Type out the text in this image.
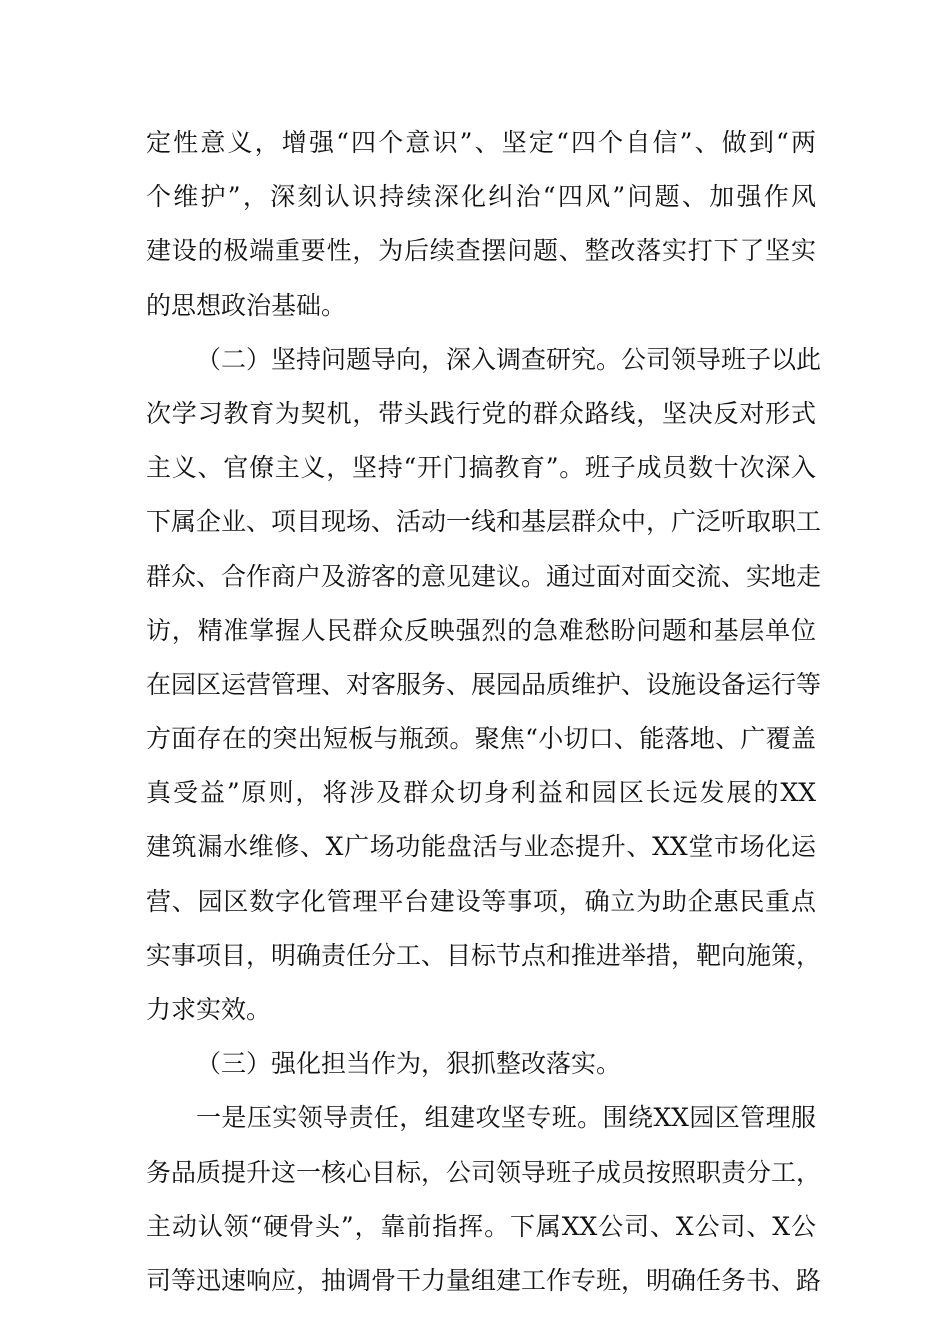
定性意义，增强“四个意识”、坚定“四个自信”、做到“两
个维护”，深刻认识持续深化纠治“四风”问题、加强作风
建设的极端重要性，为后续查摆问题、整改落实打下了坚实
的思想政治基础。
（二）坚持问题导向，深入调查研究。公司领导班子以此
次学习教育为契机，带头践行党的群众路线，坚决反对形式
主义、官僚主义，坚持“开门搞教育”。班子成员数十次深入
下属企业、项目现场、活动一线和基层群众中，广泛听取职工
群众、合作商户及游客的意见建议。通过面对面交流、实地走
访，精准掌握人民群众反映强烈的急难愁盼问题和基层单位
在园区运营管理、对客服务、展园品质维护、设施设备运行等
方面存在的突出短板与瓶颈。聚焦“小切口、能落地、广覆盖
真受益”原则，将涉及群众切身利益和园区长远发展的XX
建筑漏水维修、X广场功能盘活与业态提升、XX堂市场化运
营、园区数字化管理平台建设等事项，确立为助企惠民重点
实事项目，明确责任分工、目标节点和推进举措，靶向施策，
力求实效。
（三）强化担当作为，狠抓整改落实。
一是压实领导责任，组建攻坚专班。围绕XX园区管理服
务品质提升这一核心目标，公司领导班子成员按照职责分工，
主动认领“硬骨头”，靠前指挥。下属XX公司、X公司、X公
司等迅速响应，抽调骨干力量组建工作专班，明确任务书、路
